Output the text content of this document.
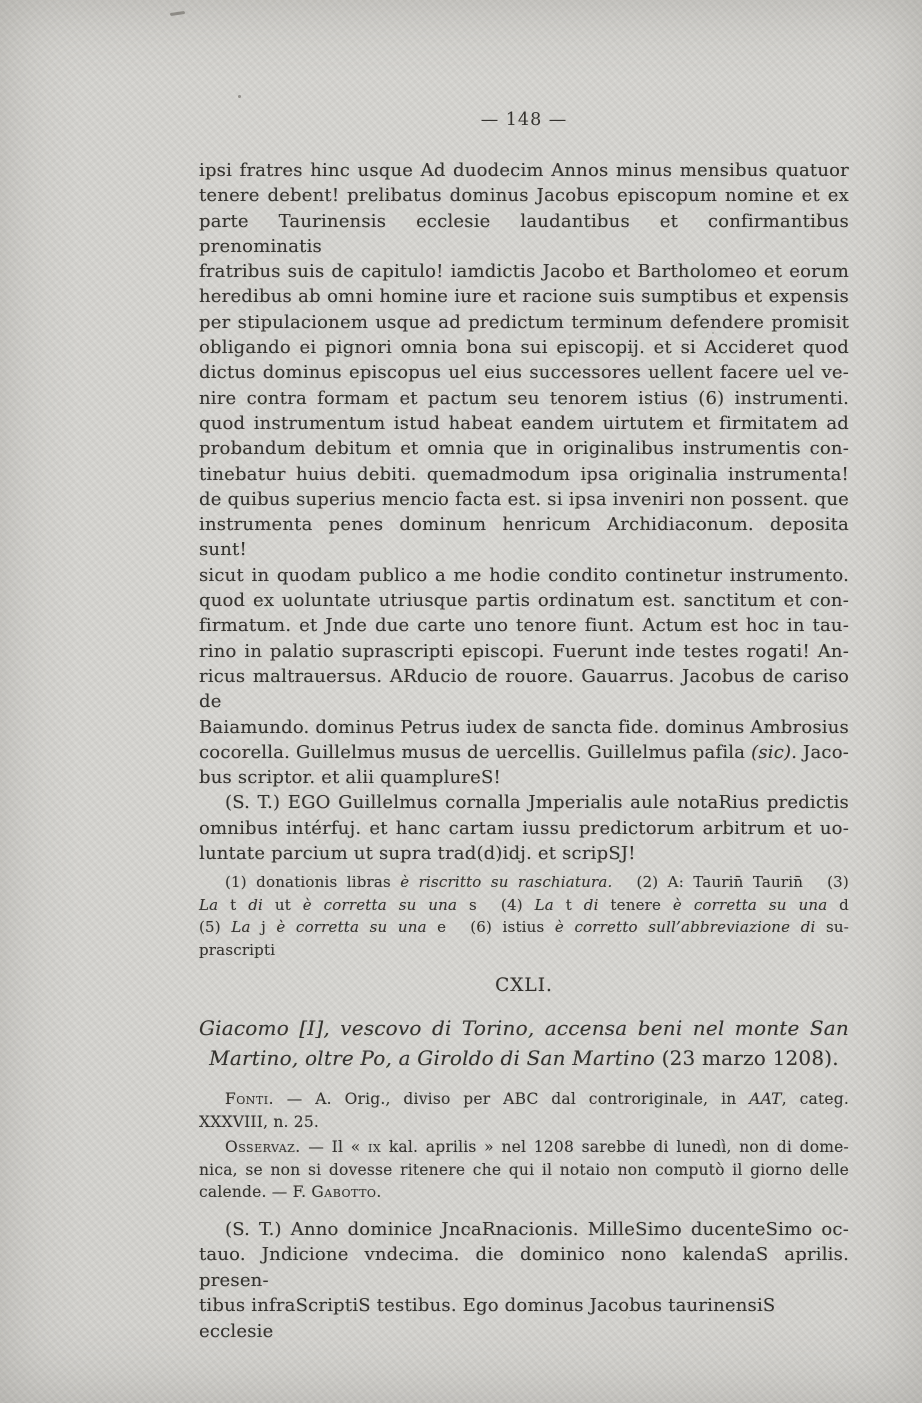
— 148 —
ipsi fratres hinc usque Ad duodecim Annos minus mensibus quatuor
tenere debent! prelibatus dominus Jacobus episcopum nomine et ex
parte Taurinensis ecclesie laudantibus et confirmantibus prenominatis
fratribus suis de capitulo! iamdictis Jacobo et Bartholomeo et eorum
heredibus ab omni homine iure et racione suis sumptibus et expensis
per stipulacionem usque ad predictum terminum defendere promisit
obligando ei pignori omnia bona sui episcopij. et si Accideret quod
dictus dominus episcopus uel eius successores uellent facere uel ve-
nire contra formam et pactum seu tenorem istius (6) instrumenti.
quod instrumentum istud habeat eandem uirtutem et firmitatem ad
probandum debitum et omnia que in originalibus instrumentis con-
tinebatur huius debiti. quemadmodum ipsa originalia instrumenta!
de quibus superius mencio facta est. si ipsa inveniri non possent. que
instrumenta penes dominum henricum Archidiaconum. deposita sunt!
sicut in quodam publico a me hodie condito continetur instrumento.
quod ex uoluntate utriusque partis ordinatum est. sanctitum et con-
firmatum. et Jnde due carte uno tenore fiunt. Actum est hoc in tau-
rino in palatio suprascripti episcopi. Fuerunt inde testes rogati! An-
ricus maltrauersus. ARducio de rouore. Gauarrus. Jacobus de cariso de
Baiamundo. dominus Petrus iudex de sancta fide. dominus Ambrosius
cocorella. Guillelmus musus de uercellis. Guillelmus pafila (sic). Jaco-
bus scriptor. et alii quamplureS!
(S. T.) EGO Guillelmus cornalla Jmperialis aule notaRius predictis
omnibus intérfuj. et hanc cartam iussu predictorum arbitrum et uo-
luntate parcium ut supra trad(d)idj. et scripSJ!
(1) donationis libras è riscritto su raschiatura. (2) A: Taurin̄ Taurin̄ (3)
La t di ut è corretta su una s (4) La t di tenere è corretta su una d
(5) La j è corretta su una e (6) istius è corretto sull’abbreviazione di su-
prascripti
CXLI.
Giacomo [I], vescovo di Torino, accensa beni nel monte San
Martino, oltre Po, a Giroldo di San Martino (23 marzo 1208).
Fonti. — A. Orig., diviso per ABC dal controriginale, in AAT, categ.
XXXVIII, n. 25.
Osservaz. — Il « ix kal. aprilis » nel 1208 sarebbe di lunedì, non di dome-
nica, se non si dovesse ritenere che qui il notaio non computò il giorno delle
calende. — F. Gabotto.
(S. T.) Anno dominice JncaRnacionis. MilleSimo ducenteSimo oc-
tauo. Jndicione vndecima. die dominico nono kalendaS aprilis. presen-
tibus infraScriptiS testibus. Ego dominus Jacobus taurinensiS ecclesie
